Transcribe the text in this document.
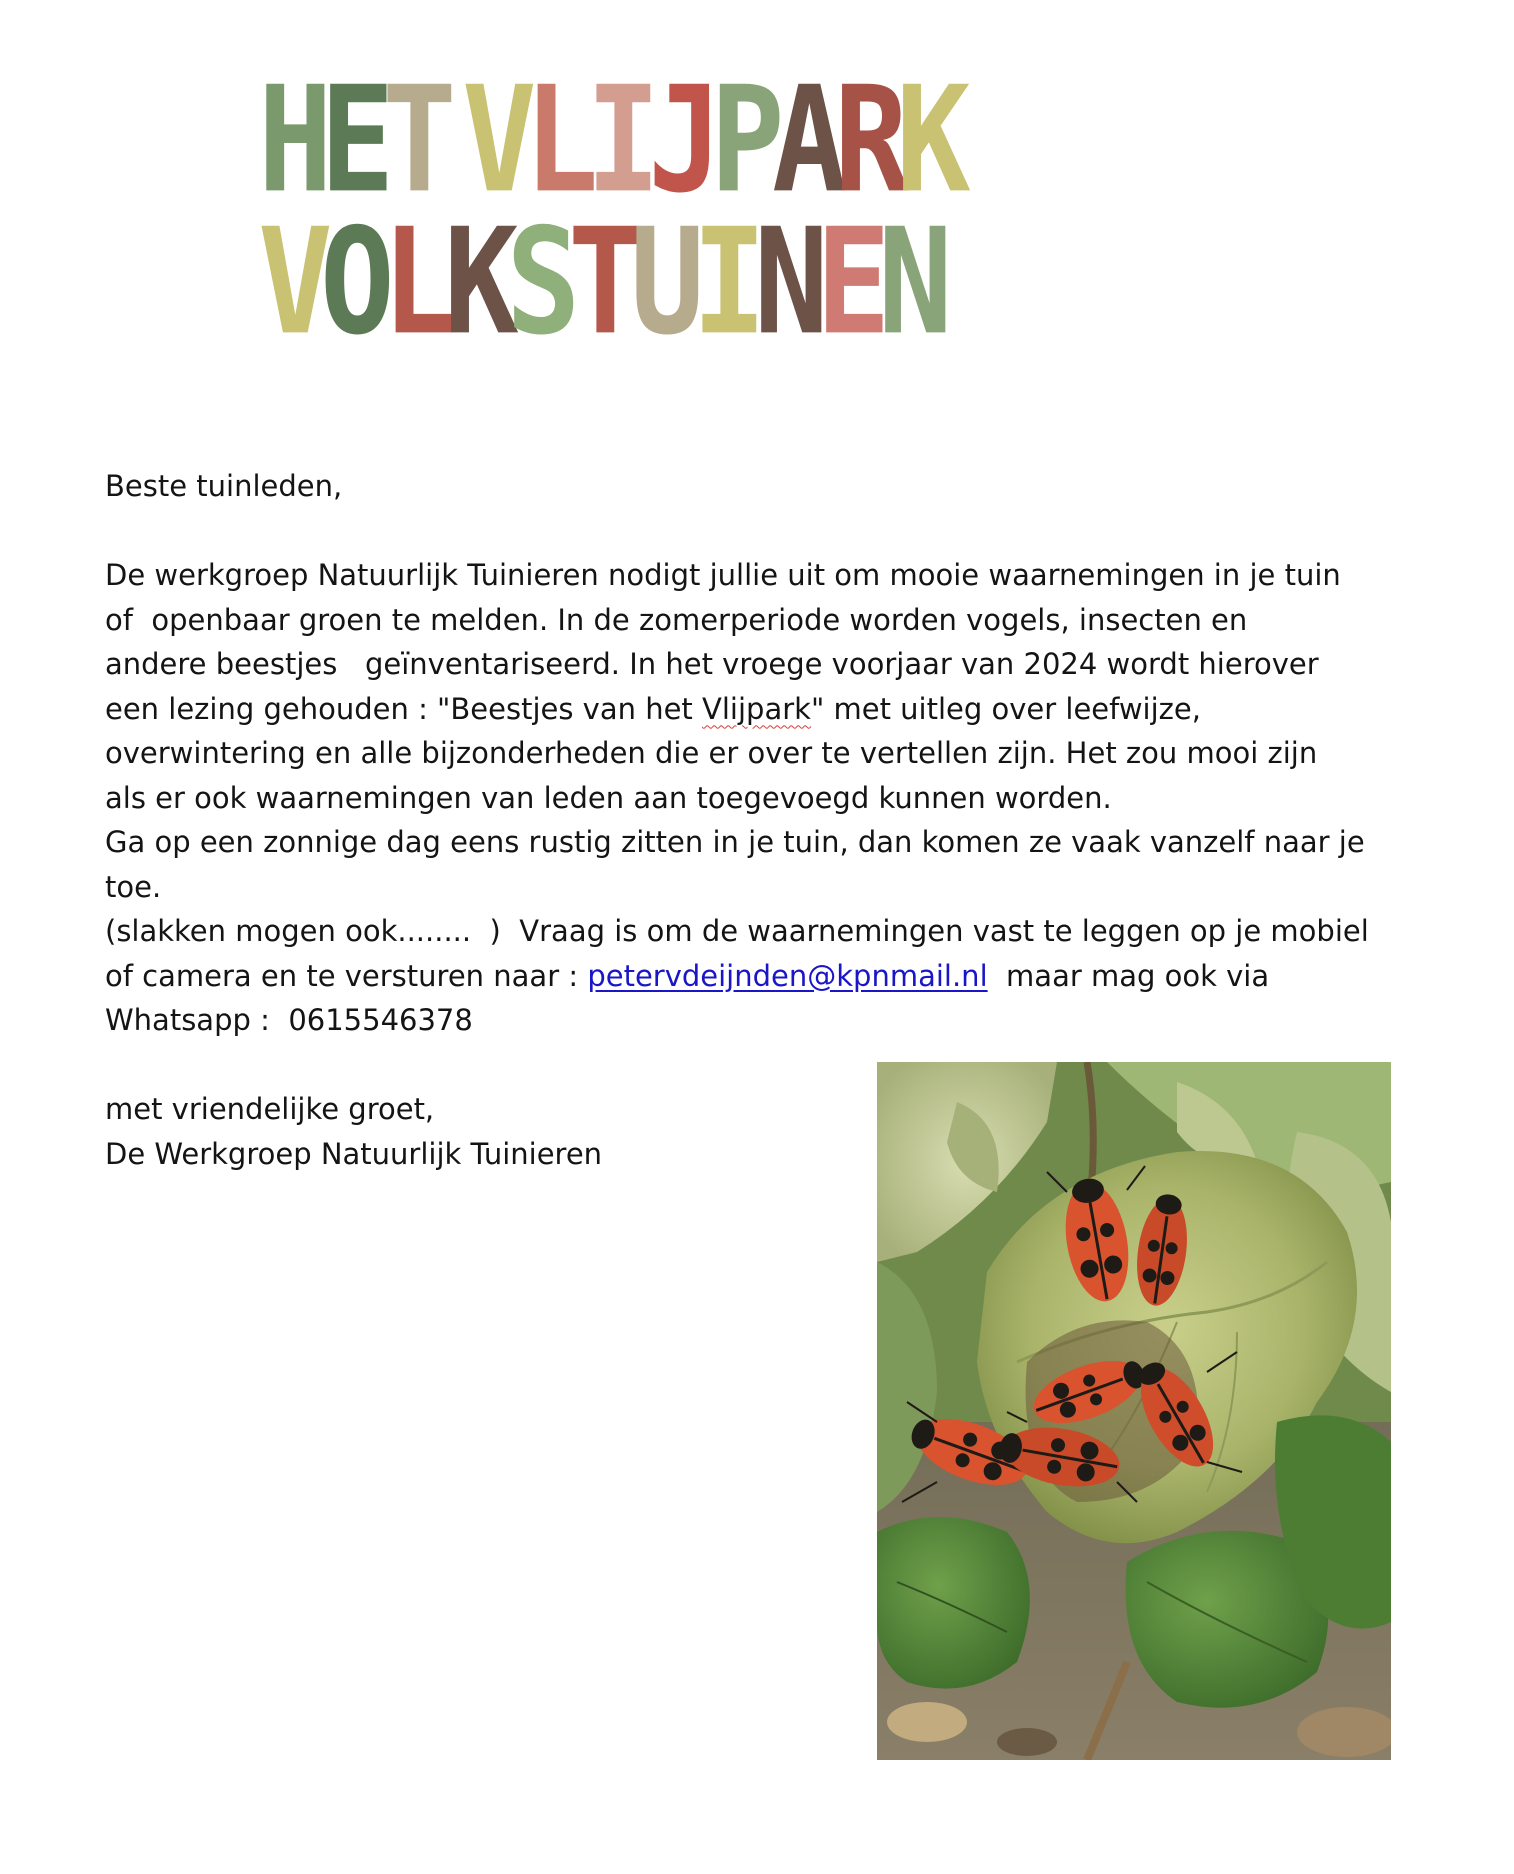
H
E
T V
L
I
J
P
A
R
K
V
O
L
K
S
T
U
I
N
E
N

Beste tuinleden,

De werkgroep Natuurlijk Tuinieren nodigt jullie uit om mooie waarnemingen in je tuin

of  openbaar groen te melden. In de zomerperiode worden vogels, insecten en

andere beestjes   geïnventariseerd. In het vroege voorjaar van 2024 wordt hierover

een lezing gehouden : "Beestjes van het Vlijpark" met uitleg over leefwijze,

overwintering en alle bijzonderheden die er over te vertellen zijn. Het zou mooi zijn

als er ook waarnemingen van leden aan toegevoegd kunnen worden.

Ga op een zonnige dag eens rustig zitten in je tuin, dan komen ze vaak vanzelf naar je

toe.

(slakken mogen ook........  )  Vraag is om de waarnemingen vast te leggen op je mobiel

of camera en te versturen naar : petervdeijnden@kpnmail.nl  maar mag ook via

Whatsapp :  0615546378

met vriendelijke groet,

De Werkgroep Natuurlijk Tuinieren
